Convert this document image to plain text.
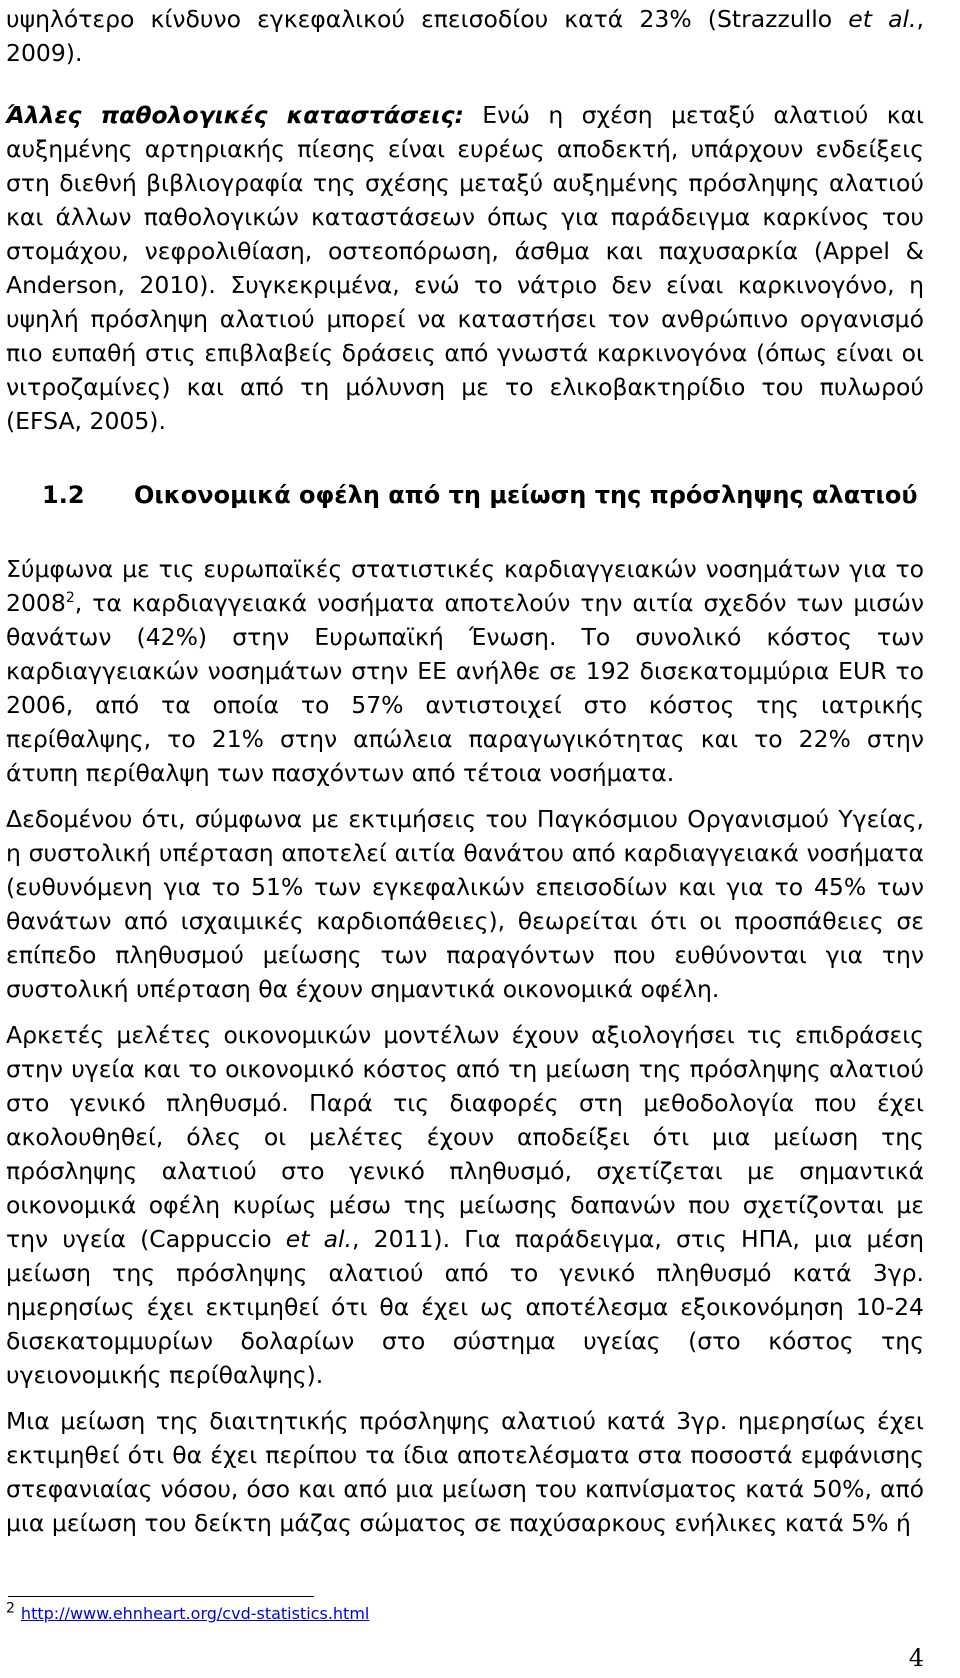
υψηλότερο κίνδυνο εγκεφαλικού επεισοδίου κατά 23% (Strazzullo et al., 2009).

Άλλες παθολογικές καταστάσεις: Ενώ η σχέση μεταξύ αλατιού και αυξημένης αρτηριακής πίεσης είναι ευρέως αποδεκτή, υπάρχουν ενδείξεις στη διεθνή βιβλιογραφία της σχέσης μεταξύ αυξημένης πρόσληψης αλατιού και άλλων παθολογικών καταστάσεων όπως για παράδειγμα καρκίνος του στομάχου, νεφρολιθίαση, οστεοπόρωση, άσθμα και παχυσαρκία (Appel & Anderson, 2010). Συγκεκριμένα, ενώ το νάτριο δεν είναι καρκινογόνο, η υψηλή πρόσληψη αλατιού μπορεί να καταστήσει τον ανθρώπινο οργανισμό πιο ευπαθή στις επιβλαβείς δράσεις από γνωστά καρκινογόνα (όπως είναι οι νιτροζαμίνες) και από τη μόλυνση με το ελικοβακτηρίδιο του πυλωρού (EFSA, 2005).

1.2	Οικονομικά οφέλη από τη μείωση της πρόσληψης αλατιού

Σύμφωνα με τις ευρωπαϊκές στατιστικές καρδιαγγειακών νοσημάτων για το 2008$^2$, τα καρδιαγγειακά νοσήματα αποτελούν την αιτία σχεδόν των μισών θανάτων (42%) στην Ευρωπαϊκή Ένωση. Το συνολικό κόστος των καρδιαγγειακών νοσημάτων στην ΕΕ ανήλθε σε 192 δισεκατομμύρια EUR το 2006, από τα οποία το 57% αντιστοιχεί στο κόστος της ιατρικής περίθαλψης, το 21% στην απώλεια παραγωγικότητας και το 22% στην άτυπη περίθαλψη των πασχόντων από τέτοια νοσήματα.

Δεδομένου ότι, σύμφωνα με εκτιμήσεις του Παγκόσμιου Οργανισμού Υγείας, η συστολική υπέρταση αποτελεί αιτία θανάτου από καρδιαγγειακά νοσήματα (ευθυνόμενη για το 51% των εγκεφαλικών επεισοδίων και για το 45% των θανάτων από ισχαιμικές καρδιοπάθειες), θεωρείται ότι οι προσπάθειες σε επίπεδο πληθυσμού μείωσης των παραγόντων που ευθύνονται για την συστολική υπέρταση θα έχουν σημαντικά οικονομικά οφέλη.

Αρκετές μελέτες οικονομικών μοντέλων έχουν αξιολογήσει τις επιδράσεις στην υγεία και το οικονομικό κόστος από τη μείωση της πρόσληψης αλατιού στο γενικό πληθυσμό. Παρά τις διαφορές στη μεθοδολογία που έχει ακολουθηθεί, όλες οι μελέτες έχουν αποδείξει ότι μια μείωση της πρόσληψης αλατιού στο γενικό πληθυσμό, σχετίζεται με σημαντικά οικονομικά οφέλη κυρίως μέσω της μείωσης δαπανών που σχετίζονται με την υγεία (Cappuccio et al., 2011). Για παράδειγμα, στις ΗΠΑ, μια μέση μείωση της πρόσληψης αλατιού από το γενικό πληθυσμό κατά 3γρ. ημερησίως έχει εκτιμηθεί ότι θα έχει ως αποτέλεσμα εξοικονόμηση 10-24 δισεκατομμυρίων δολαρίων στο σύστημα υγείας (στο κόστος της υγειονομικής περίθαλψης).

Μια μείωση της διαιτητικής πρόσληψης αλατιού κατά 3γρ. ημερησίως έχει εκτιμηθεί ότι θα έχει περίπου τα ίδια αποτελέσματα στα ποσοστά εμφάνισης στεφανιαίας νόσου, όσο και από μια μείωση του καπνίσματος κατά 50%, από μια μείωση του δείκτη μάζας σώματος σε παχύσαρκους ενήλικες κατά 5% ή

$^2$ http://www.ehnheart.org/cvd-statistics.html
4
